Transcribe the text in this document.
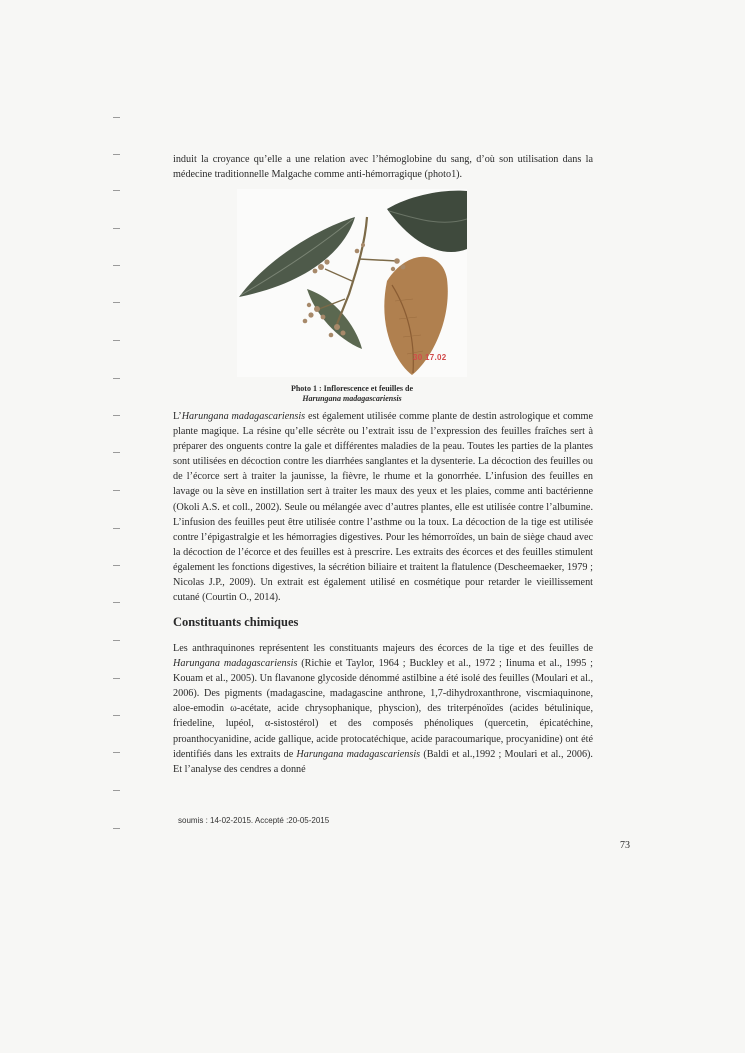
induit la croyance qu’elle a une relation avec l’hémoglobine du sang, d’où son utilisation dans la médecine traditionnelle Malgache comme anti-hémorragique (photo1).

30 17.02
Photo 1 : Inflorescence et feuilles de
Harungana madagascariensis

L’Harungana madagascariensis est également utilisée comme plante de destin astrologique et comme plante magique. La résine qu’elle sécrète ou l’extrait issu de l’expression des feuilles fraîches sert à préparer des onguents contre la gale et différentes maladies de la peau. Toutes les parties de la plantes sont utilisées en décoction contre les diarrhées sanglantes et la dysenterie. La décoction des feuilles ou de l’écorce sert à traiter la jaunisse, la fièvre, le rhume et la gonorrhée. L’infusion des feuilles en lavage ou la sève en instillation sert à traiter les maux des yeux et les plaies, comme anti bactérienne (Okoli A.S. et coll., 2002). Seule ou mélangée avec d’autres plantes, elle est utilisée contre l’albumine. L’infusion des feuilles peut être utilisée contre l’asthme ou la toux. La décoction de la tige est utilisée contre l’épigastralgie et les hémorragies digestives. Pour les hémorroïdes, un bain de siège chaud avec la décoction de l’écorce et des feuilles est à prescrire. Les extraits des écorces et des feuilles stimulent également les fonctions digestives, la sécrétion biliaire et traitent la flatulence (Descheemaeker, 1979 ; Nicolas J.P., 2009). Un extrait est également utilisé en cosmétique pour retarder le vieillissement cutané (Courtin O., 2014).

Constituants chimiques

Les anthraquinones représentent les constituants majeurs des écorces de la tige et des feuilles de Harungana madagascariensis (Richie et Taylor, 1964 ; Buckley et al., 1972 ; Iinuma et al., 1995 ; Kouam et al., 2005). Un flavanone glycoside dénommé astilbine a été isolé des feuilles (Moulari et al., 2006). Des pigments (madagascine, madagascine anthrone, 1,7-dihydroxanthrone, viscmiaquinone, aloe-emodin ω-acétate, acide chrysophanique, physcion), des triterpénoïdes (acides bétulinique, friedeline, lupéol, α-sistostérol) et des composés phénoliques (quercetin, épicatéchine, proanthocyanidine, acide gallique, acide protocatéchique, acide paracoumarique, procyanidine) ont été identifiés dans les extraits de Harungana madagascariensis (Baldi et al.,1992 ; Moulari et al., 2006). Et l’analyse des cendres a donné

soumis : 14-02-2015. Accepté :20-05-2015
73
